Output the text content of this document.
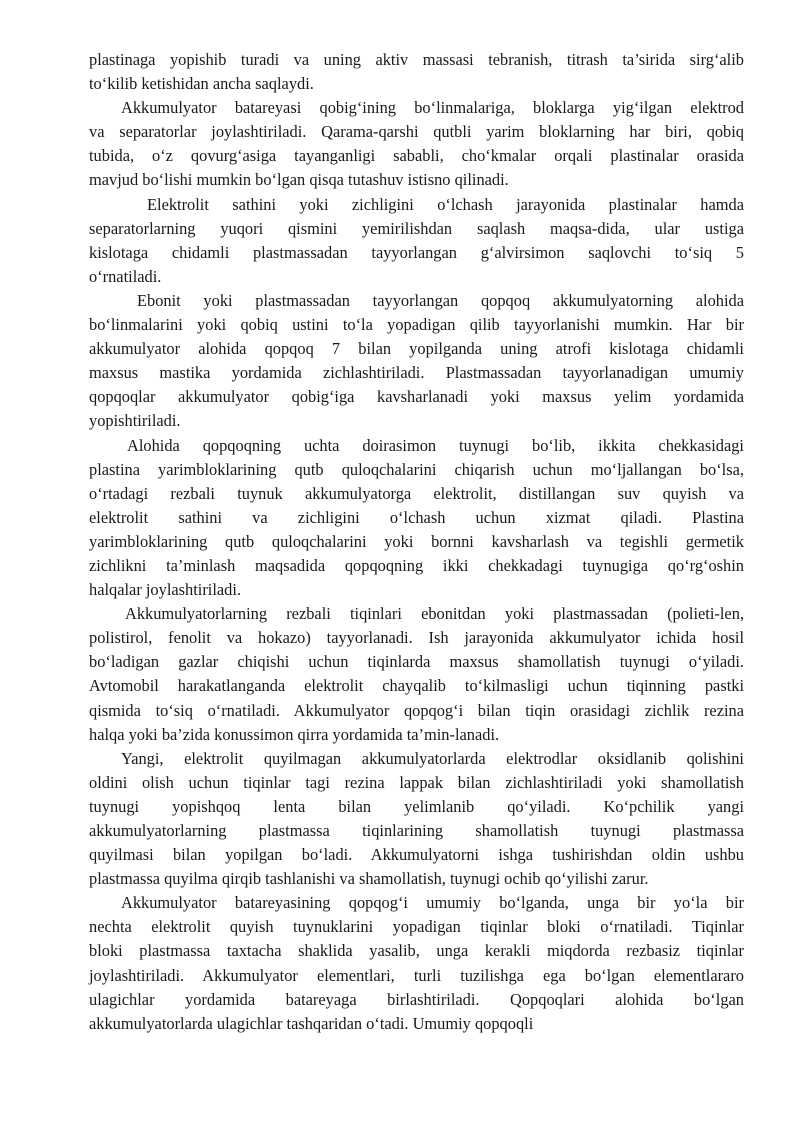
plastinaga yopishib turadi va uning aktiv massasi tebranish, titrash ta’sirida sirg‘alib
to‘kilib ketishidan ancha saqlaydi.
Akkumulyator batareyasi qobig‘ining bo‘linmalariga, bloklarga yig‘ilgan elektrod
va separatorlar joylashtiriladi. Qarama-qarshi qutbli yarim bloklarning har biri, qobiq
tubida, o‘z qovurg‘asiga tayanganligi sababli, cho‘kmalar orqali plastinalar orasida
mavjud bo‘lishi mumkin bo‘lgan qisqa tutashuv istisno qilinadi.
Elektrolit sathini yoki zichligini o‘lchash jarayonida plastinalar hamda
separatorlarning yuqori qismini yemirilishdan saqlash maqsa-dida, ular ustiga
kislotaga chidamli plastmassadan tayyorlangan g‘alvirsimon saqlovchi to‘siq 5
o‘rnatiladi.
Ebonit yoki plastmassadan tayyorlangan qopqoq akkumulyatorning alohida
bo‘linmalarini yoki qobiq ustini to‘la yopadigan qilib tayyorlanishi mumkin. Har bir
akkumulyator alohida qopqoq 7 bilan yopilganda uning atrofi kislotaga chidamli
maxsus mastika yordamida zichlashtiriladi. Plastmassadan tayyorlanadigan umumiy
qopqoqlar akkumulyator qobig‘iga kavsharlanadi yoki maxsus yelim yordamida
yopishtiriladi.
Alohida qopqoqning uchta doirasimon tuynugi bo‘lib, ikkita chekkasidagi
plastina yarimbloklarining qutb quloqchalarini chiqarish uchun mo‘ljallangan bo‘lsa,
o‘rtadagi rezbali tuynuk akkumulyatorga elektrolit, distillangan suv quyish va
elektrolit sathini va zichligini o‘lchash uchun xizmat qiladi. Plastina
yarimbloklarining qutb quloqchalarini yoki bornni kavsharlash va tegishli germetik
zichlikni ta’minlash maqsadida qopqoqning ikki chekkadagi tuynugiga qo‘rg‘oshin
halqalar joylashtiriladi.
Akkumulyatorlarning rezbali tiqinlari ebonitdan yoki plastmassadan (polieti-len,
polistirol, fenolit va hokazo) tayyorlanadi. Ish jarayonida akkumulyator ichida hosil
bo‘ladigan gazlar chiqishi uchun tiqinlarda maxsus shamollatish tuynugi o‘yiladi.
Avtomobil harakatlanganda elektrolit chayqalib to‘kilmasligi uchun tiqinning pastki
qismida to‘siq o‘rnatiladi. Akkumulyator qopqog‘i bilan tiqin orasidagi zichlik rezina
halqa yoki ba’zida konussimon qirra yordamida ta’min-lanadi.
Yangi, elektrolit quyilmagan akkumulyatorlarda elektrodlar oksidlanib qolishini
oldini olish uchun tiqinlar tagi rezina lappak bilan zichlashtiriladi yoki shamollatish
tuynugi yopishqoq lenta bilan yelimlanib qo‘yiladi. Ko‘pchilik yangi
akkumulyatorlarning plastmassa tiqinlarining shamollatish tuynugi plastmassa
quyilmasi bilan yopilgan bo‘ladi. Akkumulyatorni ishga tushirishdan oldin ushbu
plastmassa quyilma qirqib tashlanishi va shamollatish, tuynugi ochib qo‘yilishi zarur.
Akkumulyator batareyasining qopqog‘i umumiy bo‘lganda, unga bir yo‘la bir
nechta elektrolit quyish tuynuklarini yopadigan tiqinlar bloki o‘rnatiladi. Tiqinlar
bloki plastmassa taxtacha shaklida yasalib, unga kerakli miqdorda rezbasiz tiqinlar
joylashtiriladi. Akkumulyator elementlari, turli tuzilishga ega bo‘lgan elementlararo
ulagichlar yordamida batareyaga birlashtiriladi. Qopqoqlari alohida bo‘lgan
akkumulyatorlarda ulagichlar tashqaridan o‘tadi. Umumiy qopqoqli
